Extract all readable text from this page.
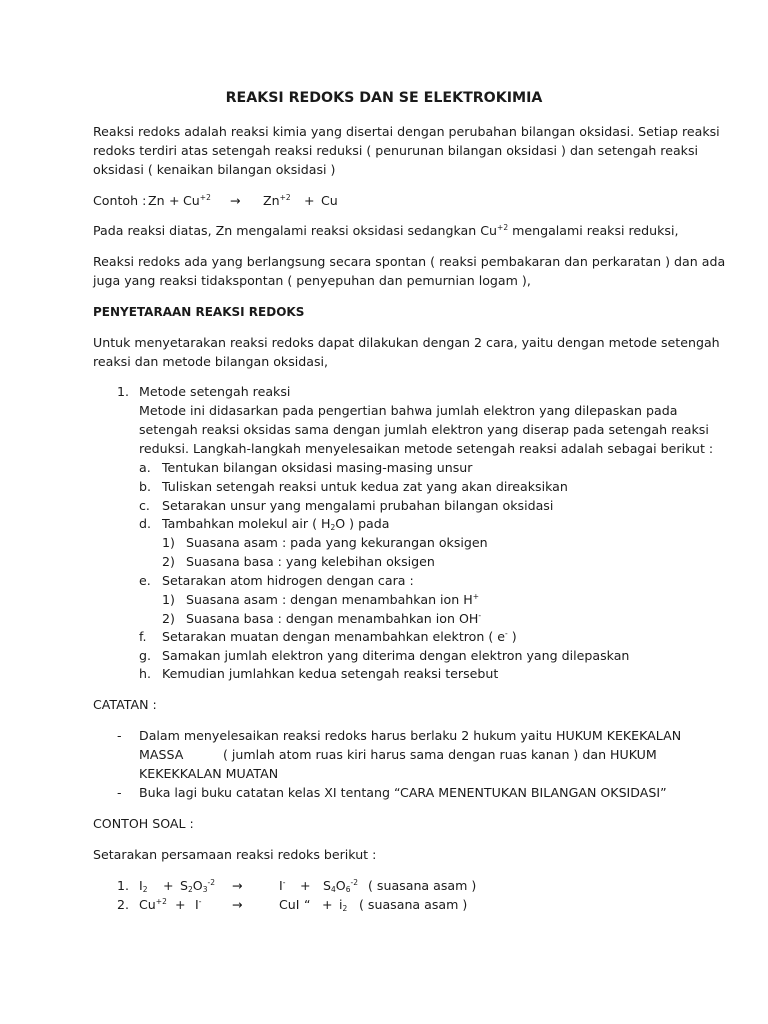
REAKSI REDOKS DAN SE ELEKTROKIMIA
Reaksi redoks adalah reaksi kimia yang disertai dengan perubahan bilangan oksidasi. Setiap reaksi
redoks terdiri atas setengah reaksi reduksi ( penurunan bilangan oksidasi ) dan setengah reaksi
oksidasi ( kenaikan bilangan oksidasi )
Contoh : $Zn + Cu^{+2} \to Zn^{+2} + Cu$
Pada reaksi diatas, Zn mengalami reaksi oksidasi sedangkan $Cu^{+2}$ mengalami reaksi reduksi,
Reaksi redoks ada yang berlangsung secara spontan ( reaksi pembakaran dan perkaratan ) dan ada
juga yang reaksi tidakspontan ( penyepuhan dan pemurnian logam ),
PENYETARAAN REAKSI REDOKS
Untuk menyetarakan reaksi redoks dapat dilakukan dengan 2 cara, yaitu dengan metode setengah
reaksi dan metode bilangan oksidasi,
1. Metode setengah reaksi
Metode ini didasarkan pada pengertian bahwa jumlah elektron yang dilepaskan pada
setengah reaksi oksidas sama dengan jumlah elektron yang diserap pada setengah reaksi
reduksi. Langkah-langkah menyelesaikan metode setengah reaksi adalah sebagai berikut :
a. Tentukan bilangan oksidasi masing-masing unsur
b. Tuliskan setengah reaksi untuk kedua zat yang akan direaksikan
c. Setarakan unsur yang mengalami prubahan bilangan oksidasi
d. Tambahkan molekul air ( $H_2O$ ) pada
1) Suasana asam : pada yang kekurangan oksigen
2) Suasana basa : yang kelebihan oksigen
e. Setarakan atom hidrogen dengan cara :
1) Suasana asam : dengan menambahkan ion H+
2) Suasana basa : dengan menambahkan ion OH-
f. Setarakan muatan dengan menambahkan elektron ( e- )
g. Samakan jumlah elektron yang diterima dengan elektron yang dilepaskan
h. Kemudian jumlahkan kedua setengah reaksi tersebut
CATATAN :
- Dalam menyelesaikan reaksi redoks harus berlaku 2 hukum yaitu HUKUM KEKEKALAN
MASSA	( jumlah atom ruas kiri harus sama dengan ruas kanan ) dan HUKUM
KEKEKKALAN MUATAN
- Buka lagi buku catatan kelas XI tentang “CARA MENENTUKAN BILANGAN OKSIDASI”
CONTOH SOAL :
Setarakan persamaan reaksi redoks berikut :
1. $I_2 + S_2O_3^{-2}$ →	$I^- + S_4O_6^{-2}$ ( suasana asam )
2. $Cu^{+2} + I^-$ →	CuI “ + $i_2$ ( suasana asam )
